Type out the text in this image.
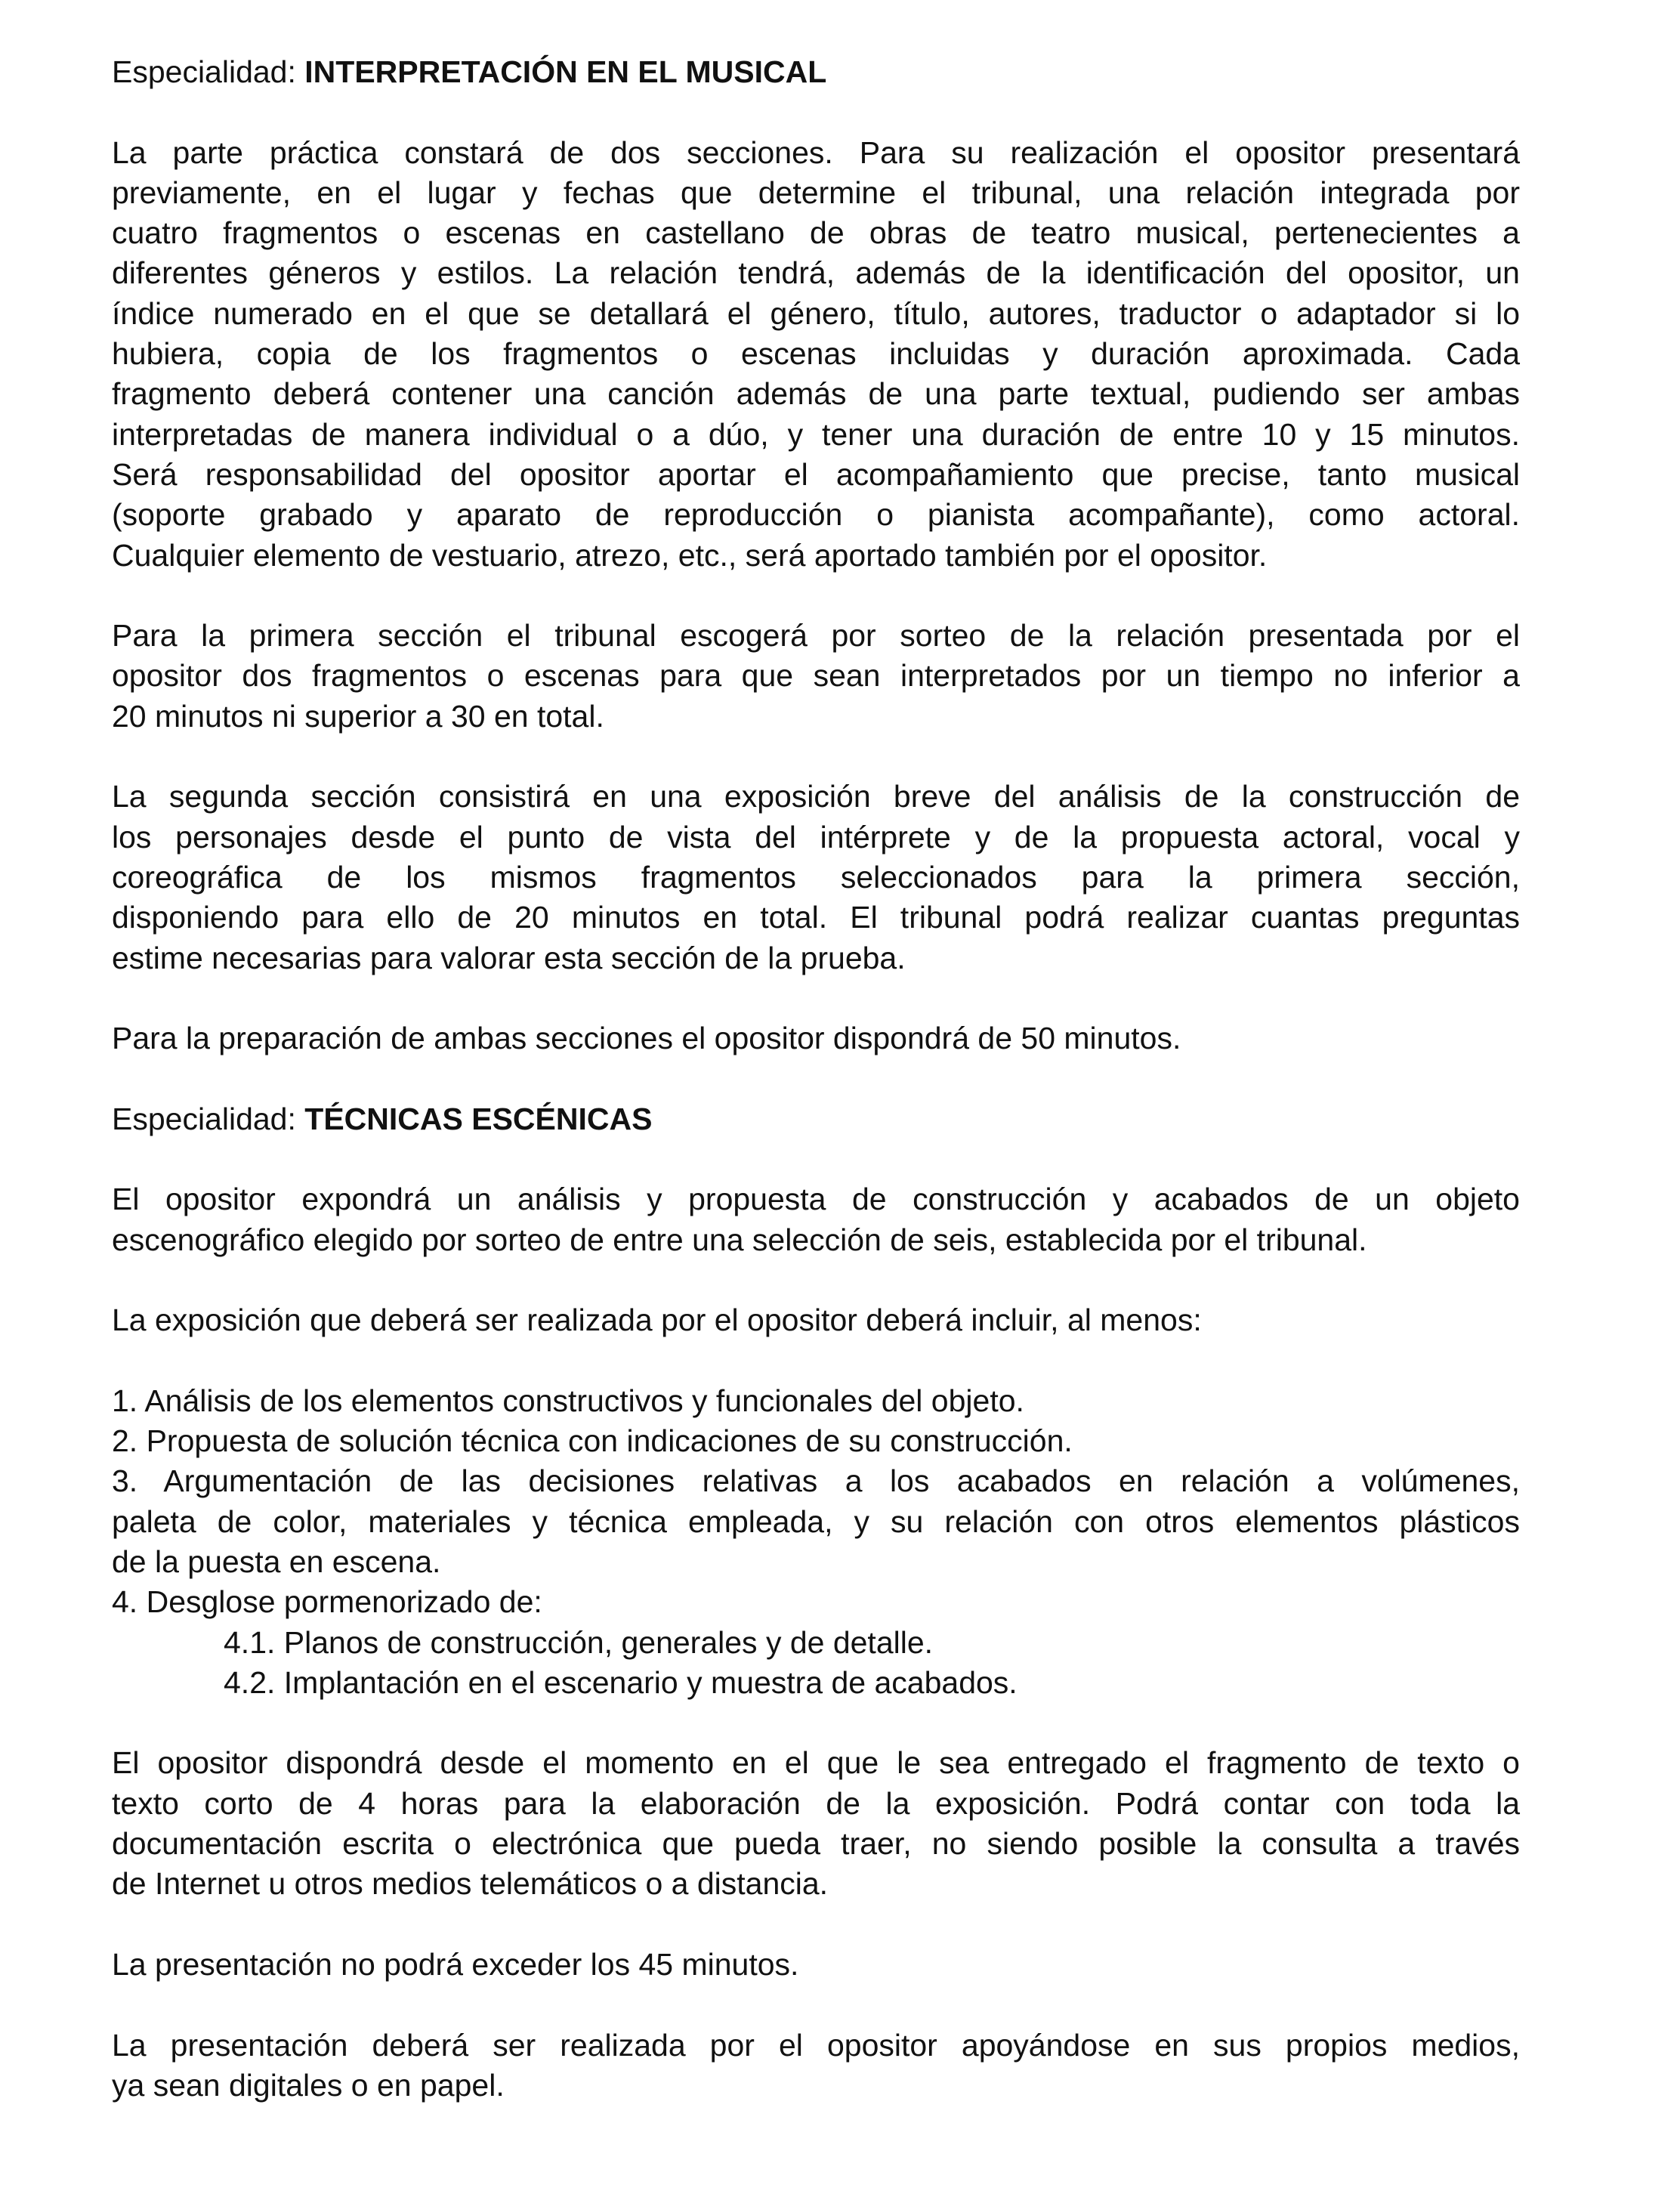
Especialidad: INTERPRETACIÓN EN EL MUSICAL
La parte práctica constará de dos secciones. Para su realización el opositor presentará
previamente, en el lugar y fechas que determine el tribunal, una relación integrada por
cuatro fragmentos o escenas en castellano de obras de teatro musical, pertenecientes a
diferentes géneros y estilos. La relación tendrá, además de la identificación del opositor, un
índice numerado en el que se detallará el género, título, autores, traductor o adaptador si lo
hubiera, copia de los fragmentos o escenas incluidas y duración aproximada. Cada
fragmento deberá contener una canción además de una parte textual, pudiendo ser ambas
interpretadas de manera individual o a dúo, y tener una duración de entre 10 y 15 minutos.
Será responsabilidad del opositor aportar el acompañamiento que precise, tanto musical
(soporte grabado y aparato de reproducción o pianista acompañante), como actoral.
Cualquier elemento de vestuario, atrezo, etc., será aportado también por el opositor.
Para la primera sección el tribunal escogerá por sorteo de la relación presentada por el
opositor dos fragmentos o escenas para que sean interpretados por un tiempo no inferior a
20 minutos ni superior a 30 en total.
La segunda sección consistirá en una exposición breve del análisis de la construcción de
los personajes desde el punto de vista del intérprete y de la propuesta actoral, vocal y
coreográfica de los mismos fragmentos seleccionados para la primera sección,
disponiendo para ello de 20 minutos en total. El tribunal podrá realizar cuantas preguntas
estime necesarias para valorar esta sección de la prueba.
Para la preparación de ambas secciones el opositor dispondrá de 50 minutos.
Especialidad: TÉCNICAS ESCÉNICAS
El opositor expondrá un análisis y propuesta de construcción y acabados de un objeto
escenográfico elegido por sorteo de entre una selección de seis, establecida por el tribunal.
La exposición que deberá ser realizada por el opositor deberá incluir, al menos:
1. Análisis de los elementos constructivos y funcionales del objeto.
2. Propuesta de solución técnica con indicaciones de su construcción.
3. Argumentación de las decisiones relativas a los acabados en relación a volúmenes,
paleta de color, materiales y técnica empleada, y su relación con otros elementos plásticos
de la puesta en escena.
4. Desglose pormenorizado de:
4.1. Planos de construcción, generales y de detalle.
4.2. Implantación en el escenario y muestra de acabados.
El opositor dispondrá desde el momento en el que le sea entregado el fragmento de texto o
texto corto de 4 horas para la elaboración de la exposición. Podrá contar con toda la
documentación escrita o electrónica que pueda traer, no siendo posible la consulta a través
de Internet u otros medios telemáticos o a distancia.
La presentación no podrá exceder los 45 minutos.
La presentación deberá ser realizada por el opositor apoyándose en sus propios medios,
ya sean digitales o en papel.
